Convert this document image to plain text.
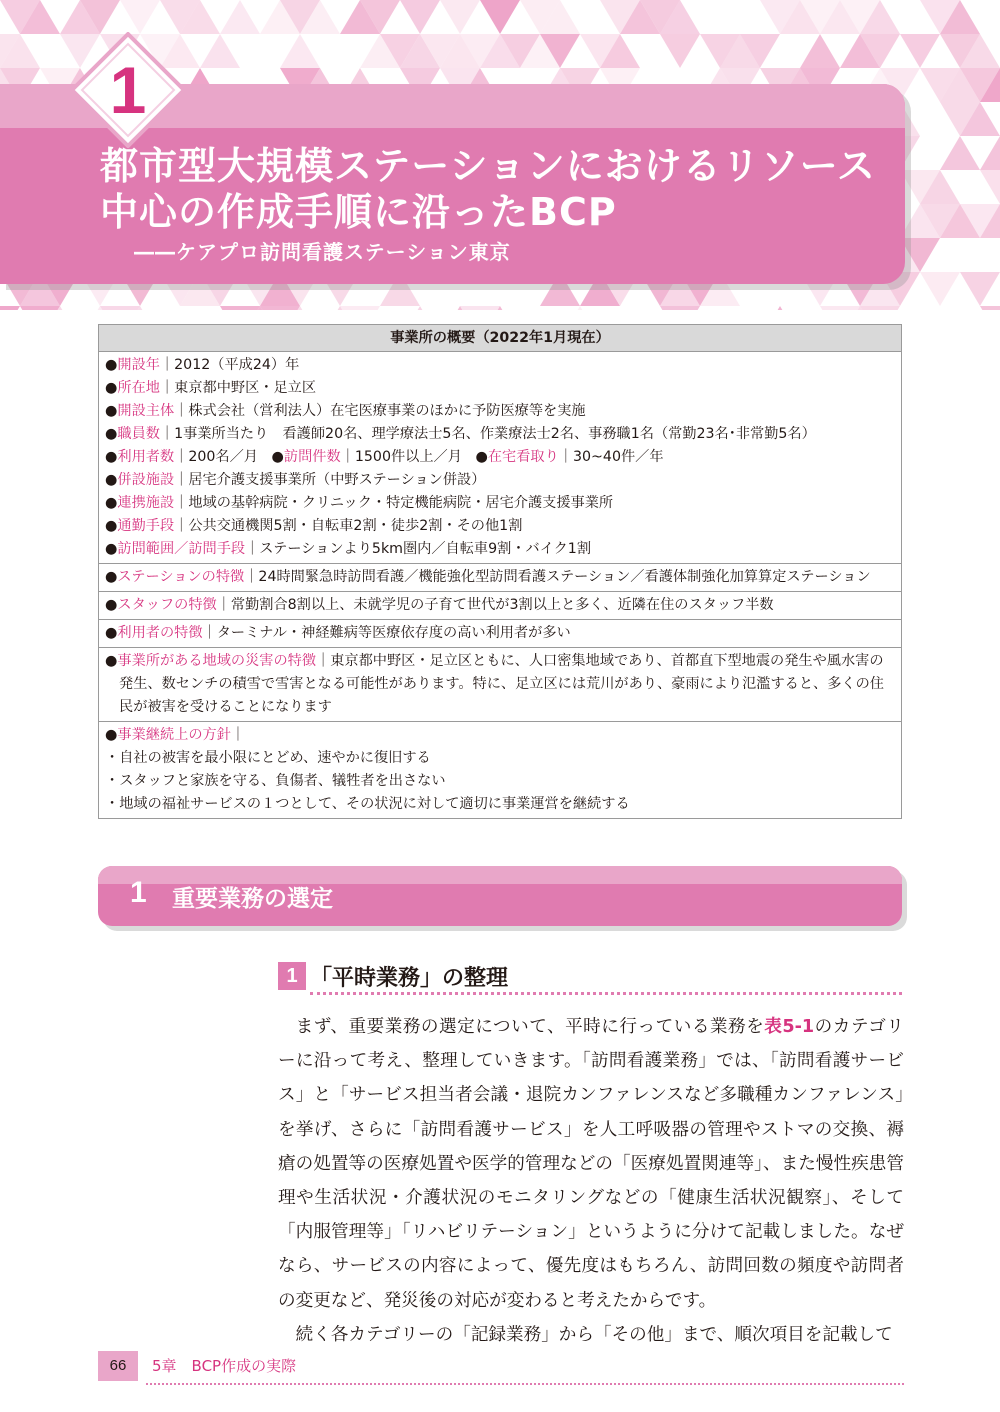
1
都市型大規模ステーションにおけるリソース
中心の作成手順に沿ったBCP
――ケアプロ訪問看護ステーション東京
事業所の概要（2022年1月現在）
●開設年｜2012（平成24）年
●所在地｜東京都中野区・足立区
●開設主体｜株式会社（営利法人）在宅医療事業のほかに予防医療等を実施
●職員数｜1事業所当たり　看護師20名、理学療法士5名、作業療法士2名、事務職1名（常勤23名･非常勤5名）
●利用者数｜200名／月 ●訪問件数｜1500件以上／月 ●在宅看取り｜30~40件／年
●併設施設｜居宅介護支援事業所（中野ステーション併設）
●連携施設｜地域の基幹病院・クリニック・特定機能病院・居宅介護支援事業所
●通勤手段｜公共交通機関5割・自転車2割・徒歩2割・その他1割
●訪問範囲／訪問手段｜ステーションより5km圏内／自転車9割・バイク1割
●ステーションの特徴｜24時間緊急時訪問看護／機能強化型訪問看護ステーション／看護体制強化加算算定ステーション
●スタッフの特徴｜常勤割合8割以上、未就学児の子育て世代が3割以上と多く、近隣在住のスタッフ半数
●利用者の特徴｜ターミナル・神経難病等医療依存度の高い利用者が多い
●事業所がある地域の災害の特徴｜東京都中野区・足立区ともに、人口密集地域であり、首都直下型地震の発生や風水害の発生、数センチの積雪で雪害となる可能性があります。特に、足立区には荒川があり、豪雨により氾濫すると、多くの住民が被害を受けることになります
●事業継続上の方針｜
・自社の被害を最小限にとどめ、速やかに復旧する
・スタッフと家族を守る、負傷者、犠牲者を出さない
・地域の福祉サービスの１つとして、その状況に対して適切に事業運営を継続する
1 重要業務の選定
1 「平時業務」の整理

まず、重要業務の選定について、平時に行っている業務を表5-1のカテゴリーに沿って考え、整理していきます。「訪問看護業務」では、「訪問看護サービス」と「サービス担当者会議・退院カンファレンスなど多職種カンファレンス」を挙げ、さらに「訪問看護サービス」を人工呼吸器の管理やストマの交換、褥瘡の処置等の医療処置や医学的管理などの「医療処置関連等」、また慢性疾患管理や生活状況・介護状況のモニタリングなどの「健康生活状況観察」、そして「内服管理等」「リハビリテーション」というように分けて記載しました。なぜなら、サービスの内容によって、優先度はもちろん、訪問回数の頻度や訪問者の変更など、発災後の対応が変わると考えたからです。

続く各カテゴリーの「記録業務」から「その他」まで、順次項目を記載して

66	5章　BCP作成の実際
